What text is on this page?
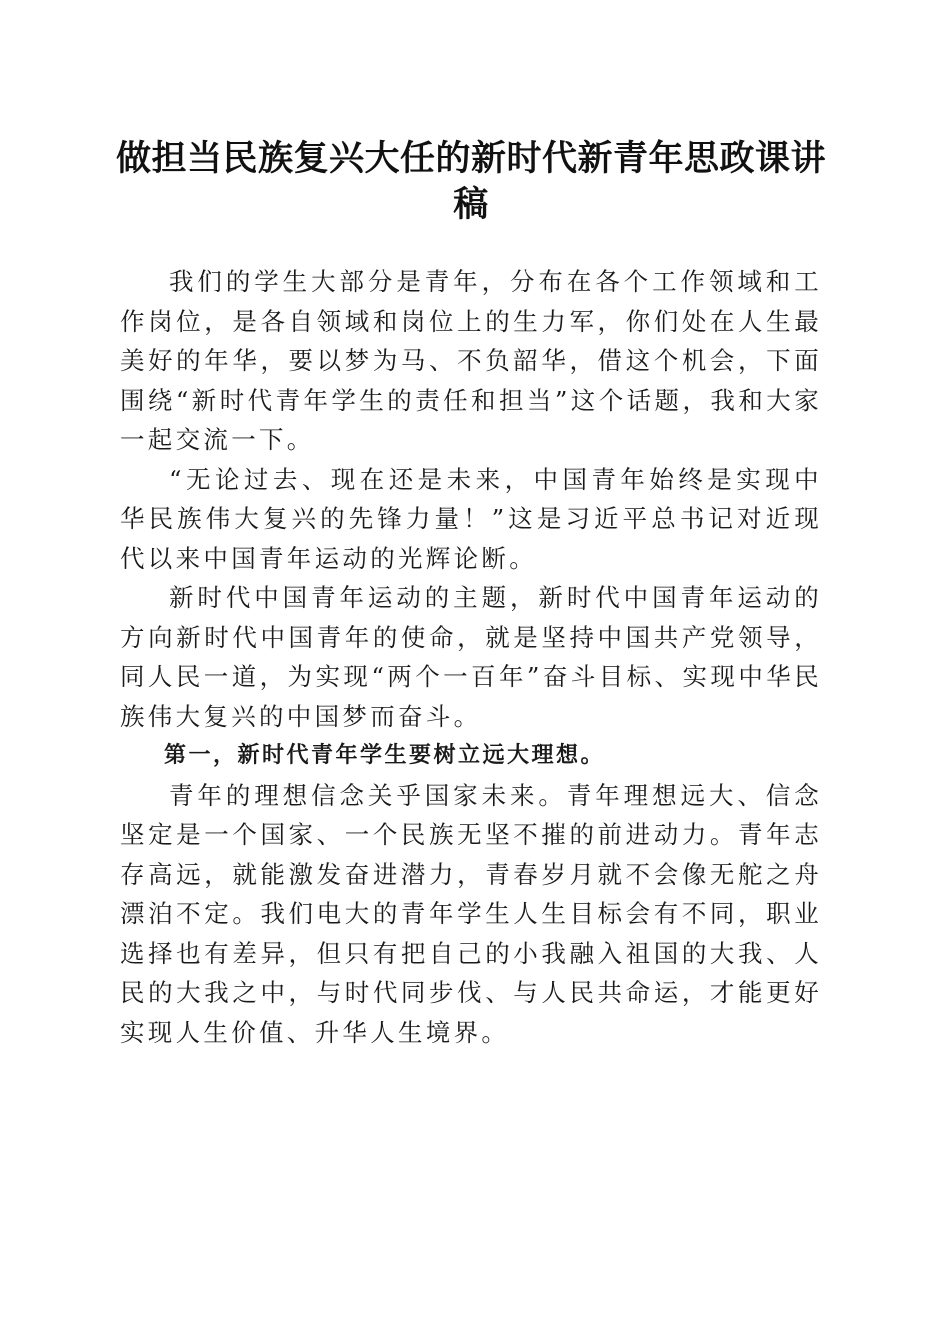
做担当民族复兴大任的新时代新青年思政课讲稿

我们的学生大部分是青年，分布在各个工作领域和工作岗位，是各自领域和岗位上的生力军，你们处在人生最美好的年华，要以梦为马、不负韶华，借这个机会，下面围绕“新时代青年学生的责任和担当”这个话题，我和大家一起交流一下。

“无论过去、现在还是未来，中国青年始终是实现中华民族伟大复兴的先锋力量！”这是习近平总书记对近现代以来中国青年运动的光辉论断。

新时代中国青年运动的主题，新时代中国青年运动的方向新时代中国青年的使命，就是坚持中国共产党领导，同人民一道，为实现“两个一百年”奋斗目标、实现中华民族伟大复兴的中国梦而奋斗。

第一，新时代青年学生要树立远大理想。

青年的理想信念关乎国家未来。青年理想远大、信念坚定是一个国家、一个民族无坚不摧的前进动力。青年志存高远，就能激发奋进潜力，青春岁月就不会像无舵之舟漂泊不定。我们电大的青年学生人生目标会有不同，职业选择也有差异，但只有把自己的小我融入祖国的大我、人民的大我之中，与时代同步伐、与人民共命运，才能更好实现人生价值、升华人生境界。
